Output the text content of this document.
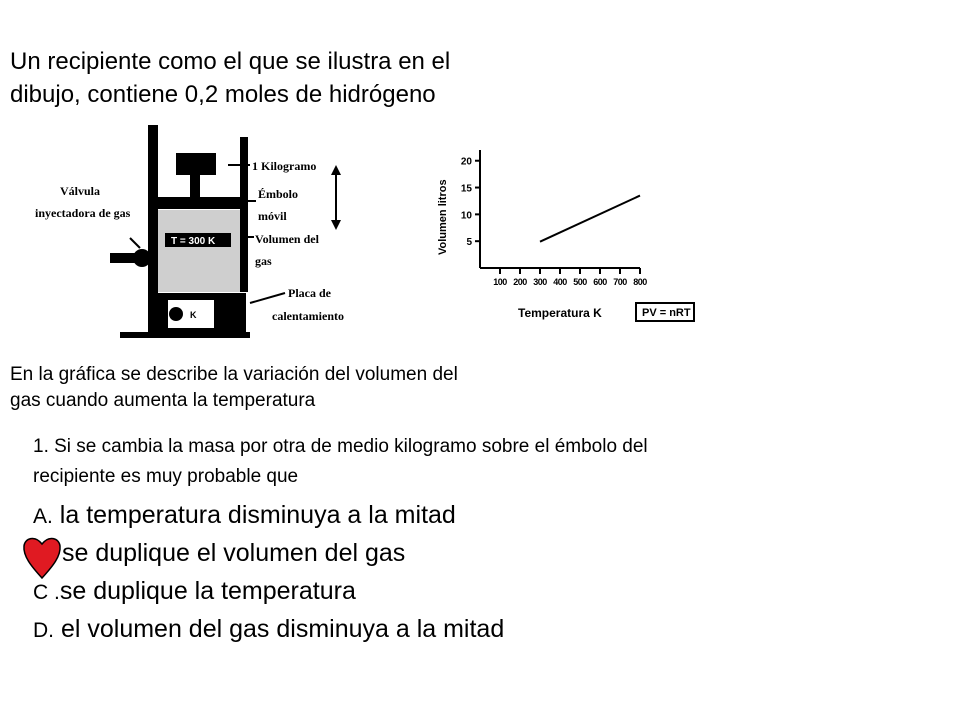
Un recipiente como el que se ilustra en el
dibujo, contiene 0,2 moles de hidrógeno
T = 300 K
K
Válvula
inyectadora de gas
1 Kilogramo
Émbolo
móvil
Volumen del
gas
Placa de
calentamiento
5
10
15
20
100 200 300 400 500 600 700 800
Volumen litros
Temperatura K	PV = nRT
En la gráfica se describe la variación del volumen del
gas cuando aumenta la temperatura
1. Si se cambia la masa por otra de medio kilogramo sobre el émbolo del
recipiente es muy probable que
A. la temperatura disminuya a la mitad
se duplique el volumen del gas
C .se duplique la temperatura
D. el volumen del gas disminuya a la mitad
